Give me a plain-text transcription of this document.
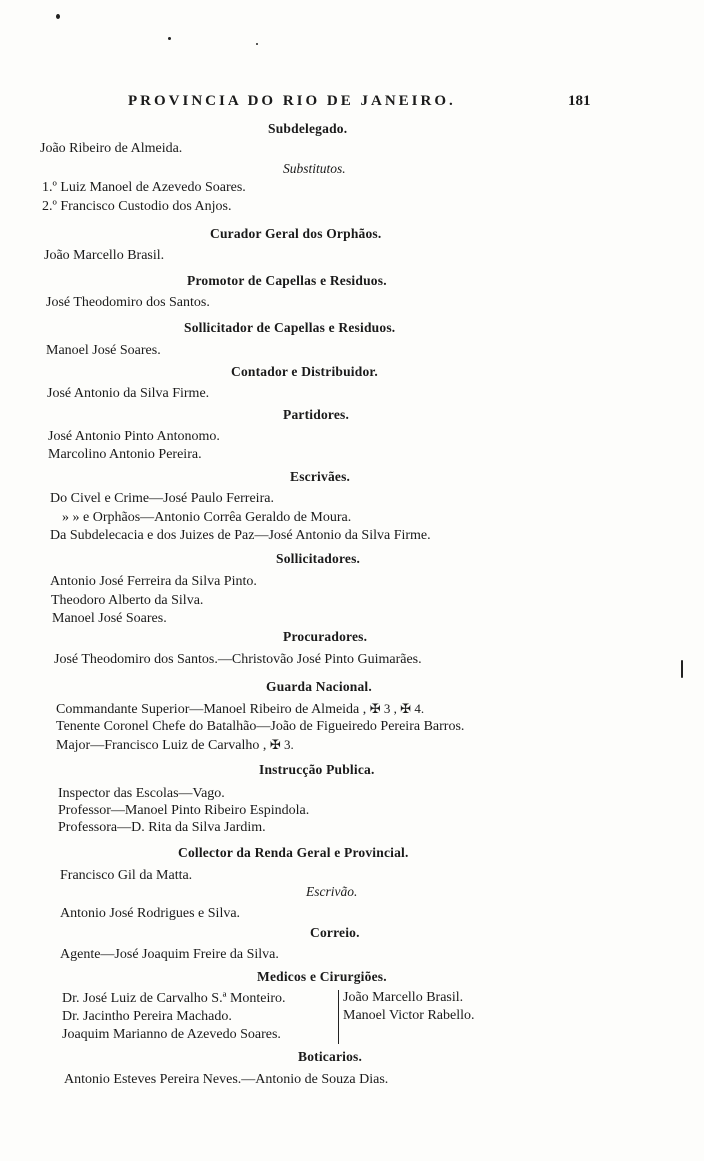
PROVINCIA DO RIO DE JANEIRO.	181
Subdelegado.
João Ribeiro de Almeida.
Substitutos.
1.º Luiz Manoel de Azevedo Soares.
2.º Francisco Custodio dos Anjos.
Curador Geral dos Orphãos.
João Marcello Brasil.
Promotor de Capellas e Residuos.
José Theodomiro dos Santos.
Sollicitador de Capellas e Residuos.
Manoel José Soares.
Contador e Distribuidor.
José Antonio da Silva Firme.
Partidores.
José Antonio Pinto Antonomo.
Marcolino Antonio Pereira.
Escrivães.
Do Civel e Crime—José Paulo Ferreira.
» » e Orphãos—Antonio Corrêa Geraldo de Moura.
Da Subdelecacia e dos Juizes de Paz—José Antonio da Silva Firme.
Sollicitadores.
Antonio José Ferreira da Silva Pinto.
Theodoro Alberto da Silva.
Manoel José Soares.
Procuradores.
José Theodomiro dos Santos.—Christovão José Pinto Guimarães.
Guarda Nacional.
Commandante Superior—Manoel Ribeiro de Almeida , ✠ 3 , ✠ 4.
Tenente Coronel Chefe do Batalhão—João de Figueiredo Pereira Barros.
Major—Francisco Luiz de Carvalho , ✠ 3.
Instrucção Publica.
Inspector das Escolas—Vago.
Professor—Manoel Pinto Ribeiro Espindola.
Professora—D. Rita da Silva Jardim.
Collector da Renda Geral e Provincial.
Francisco Gil da Matta.
Escrivão.
Antonio José Rodrigues e Silva.
Correio.
Agente—José Joaquim Freire da Silva.
Medicos e Cirurgiões.
Dr. José Luiz de Carvalho S.ª Monteiro.
Dr. Jacintho Pereira Machado.
Joaquim Marianno de Azevedo Soares.
João Marcello Brasil.
Manoel Victor Rabello.
Boticarios.
Antonio Esteves Pereira Neves.—Antonio de Souza Dias.
